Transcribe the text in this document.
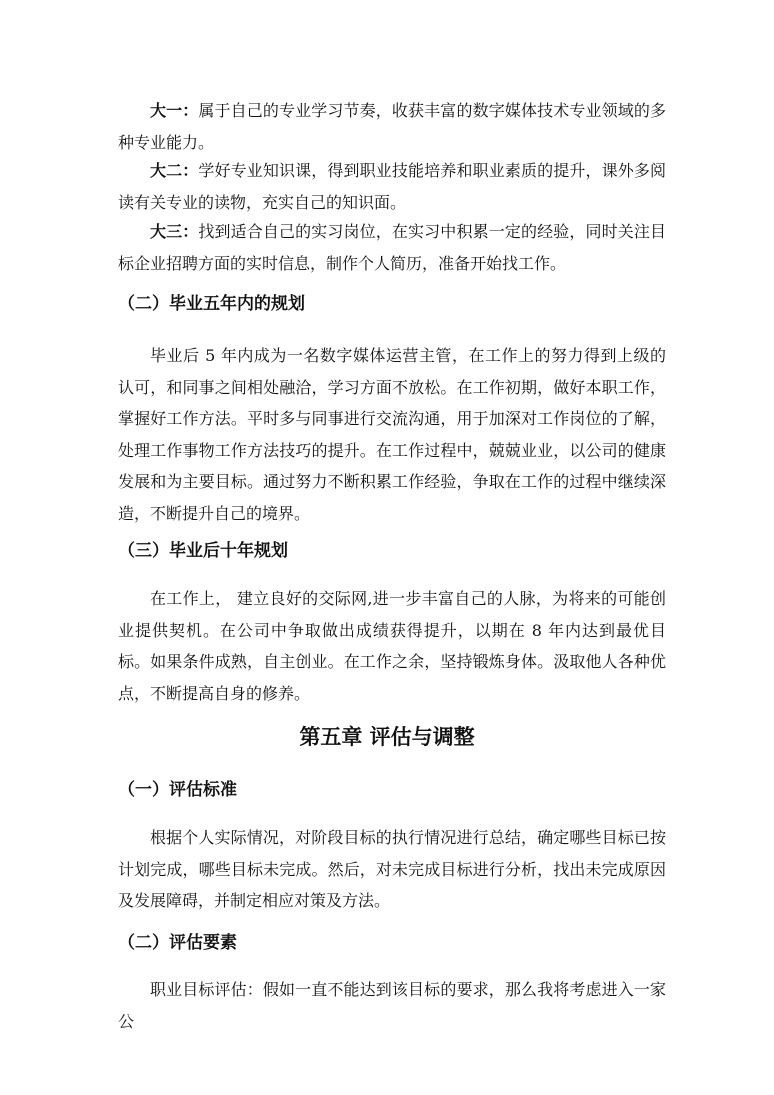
大一：属于自己的专业学习节奏，收获丰富的数字媒体技术专业领域的多种专业能力。

大二：学好专业知识课，得到职业技能培养和职业素质的提升，课外多阅读有关专业的读物，充实自己的知识面。

大三：找到适合自己的实习岗位，在实习中积累一定的经验，同时关注目标企业招聘方面的实时信息，制作个人简历，准备开始找工作。

（二）毕业五年内的规划

毕业后 5 年内成为一名数字媒体运营主管，在工作上的努力得到上级的认可，和同事之间相处融洽，学习方面不放松。在工作初期，做好本职工作，掌握好工作方法。平时多与同事进行交流沟通，用于加深对工作岗位的了解，处理工作事物工作方法技巧的提升。在工作过程中，兢兢业业，以公司的健康发展和为主要目标。通过努力不断积累工作经验，争取在工作的过程中继续深造，不断提升自己的境界。

（三）毕业后十年规划

在工作上， 建立良好的交际网,进一步丰富自己的人脉，为将来的可能创业提供契机。在公司中争取做出成绩获得提升，以期在 8 年内达到最优目标。如果条件成熟，自主创业。在工作之余，坚持锻炼身体。汲取他人各种优点，不断提高自身的修养。

第五章 评估与调整
（一）评估标准

根据个人实际情况，对阶段目标的执行情况进行总结，确定哪些目标已按计划完成，哪些目标未完成。然后，对未完成目标进行分析，找出未完成原因及发展障碍，并制定相应对策及方法。

（二）评估要素

职业目标评估：假如一直不能达到该目标的要求，那么我将考虑进入一家公
